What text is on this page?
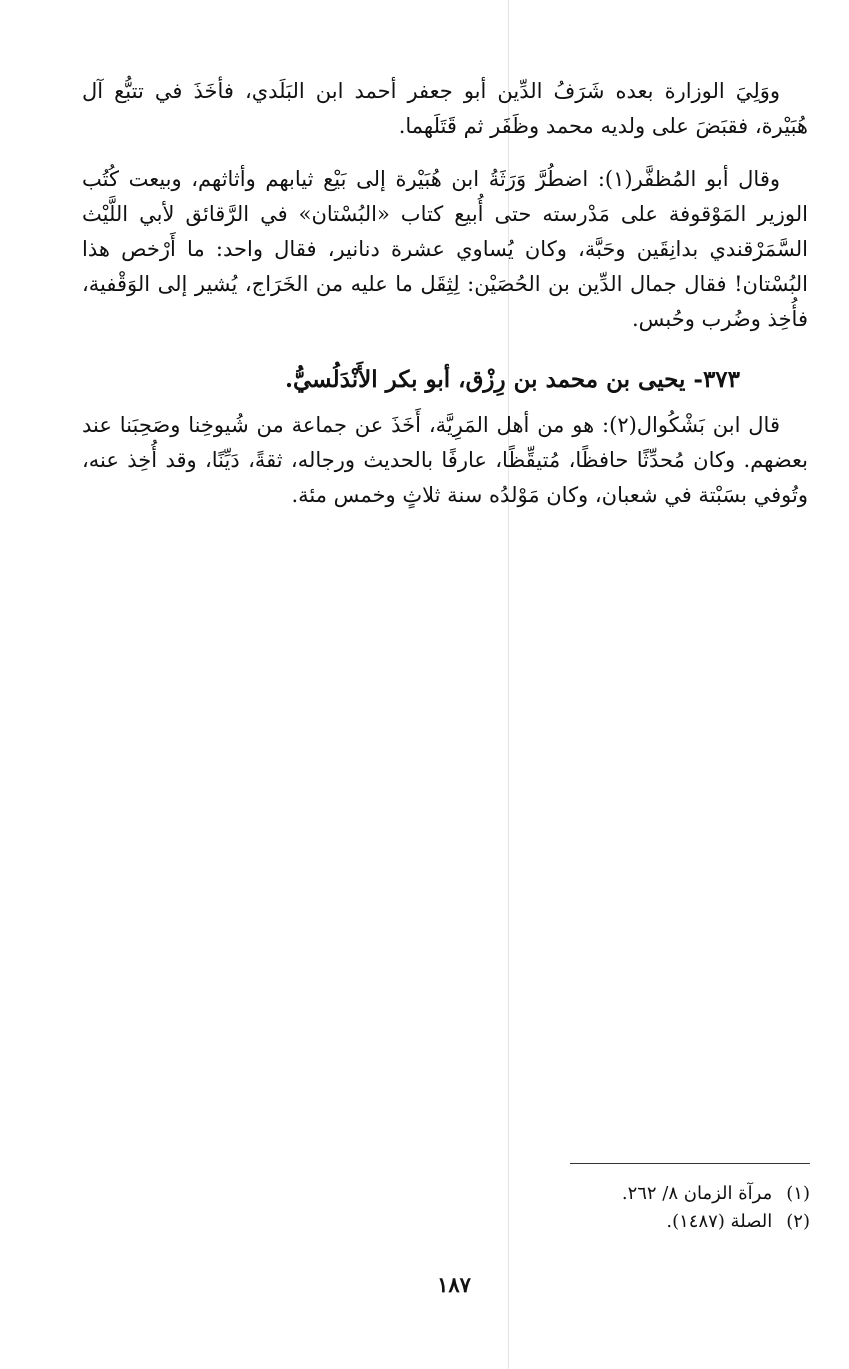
ووَلِيَ الوزارة بعده شَرَفُ الدِّين أبو جعفر أحمد ابن البَلَدي، فأخَذَ في تتبُّع آل هُبَيْرة، فقبَضَ على ولديه محمد وظَفَر ثم قَتَلَهما.

وقال أبو المُظفَّر(١): اضطُرَّ وَرَثَةُ ابن هُبَيْرة إلى بَيْع ثيابهم وأثاثهم، وبيعت كُتُب الوزير المَوْقوفة على مَدْرسته حتى أُبيع كتاب «البُسْتان» في الرَّقائق لأبي اللَّيْث السَّمَرْقندي بدانِقَين وحَبَّة، وكان يُساوي عشرة دنانير، فقال واحد: ما أَرْخص هذا البُسْتان! فقال جمال الدِّين بن الحُصَيْن: لِثِقَل ما عليه من الخَرَاج، يُشير إلى الوَقْفية، فأُخِذ وضُرب وحُبس.

٣٧٣- يحيى بن محمد بن رِزْق، أبو بكر الأَنْدَلُسيُّ.

قال ابن بَشْكُوال(٢): هو من أهل المَرِيَّة، أَخَذَ عن جماعة من شُيوخِنا وصَحِبَنا عند بعضهم. وكان مُحدِّثًا حافظًا، مُتيقِّظًا، عارفًا بالحديث ورجاله، ثقةً، دَيِّنًا، وقد أُخِذ عنه، وتُوفي بسَبْتة في شعبان، وكان مَوْلدُه سنة ثلاثٍ وخمس مئة.

(١)
مرآة الزمان ٨/ ٢٦٢.
(٢)
الصلة (١٤٨٧).
١٨٧
